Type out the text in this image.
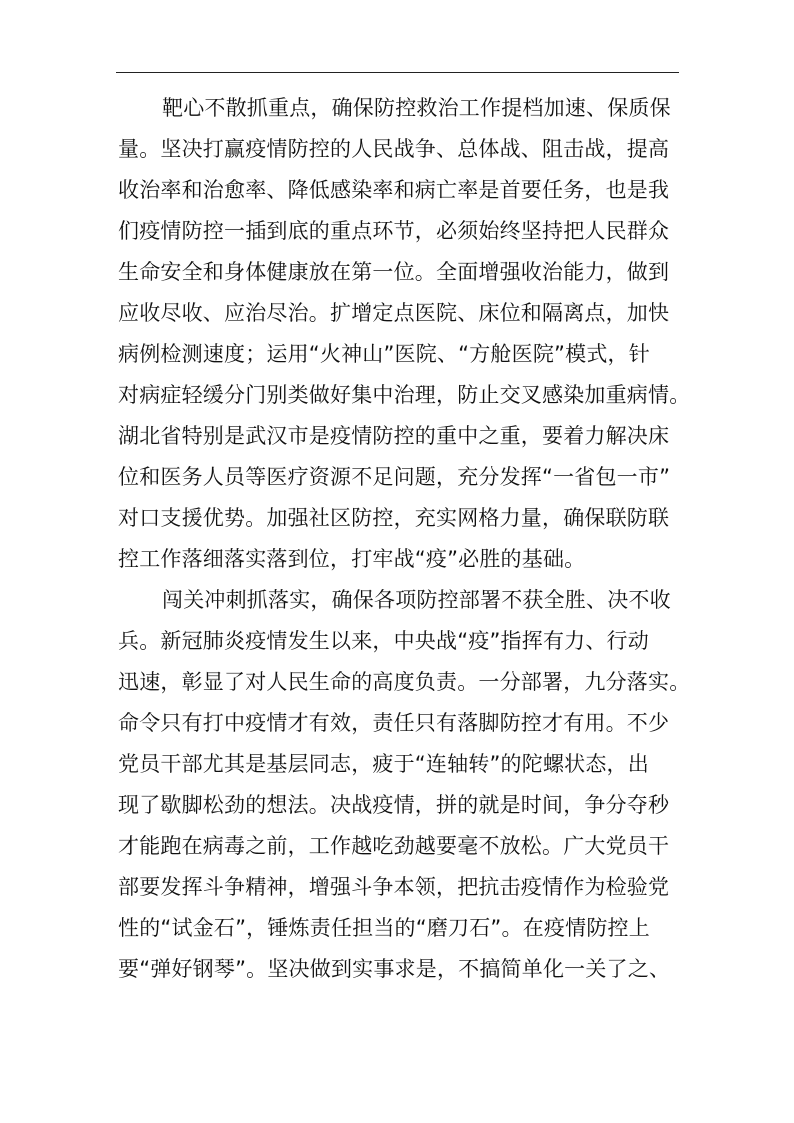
靶心不散抓重点，确保防控救治工作提档加速、保质保
量。坚决打赢疫情防控的人民战争、总体战、阻击战，提高
收治率和治愈率、降低感染率和病亡率是首要任务，也是我
们疫情防控一插到底的重点环节，必须始终坚持把人民群众
生命安全和身体健康放在第一位。全面增强收治能力，做到
应收尽收、应治尽治。扩增定点医院、床位和隔离点，加快
病例检测速度；运用“火神山”医院、“方舱医院”模式，针
对病症轻缓分门别类做好集中治理，防止交叉感染加重病情。
湖北省特别是武汉市是疫情防控的重中之重，要着力解决床
位和医务人员等医疗资源不足问题，充分发挥“一省包一市”
对口支援优势。加强社区防控，充实网格力量，确保联防联
控工作落细落实落到位，打牢战“疫”必胜的基础。
闯关冲刺抓落实，确保各项防控部署不获全胜、决不收
兵。新冠肺炎疫情发生以来，中央战“疫”指挥有力、行动
迅速，彰显了对人民生命的高度负责。一分部署，九分落实。
命令只有打中疫情才有效，责任只有落脚防控才有用。不少
党员干部尤其是基层同志，疲于“连轴转”的陀螺状态，出
现了歇脚松劲的想法。决战疫情，拼的就是时间，争分夺秒
才能跑在病毒之前，工作越吃劲越要毫不放松。广大党员干
部要发挥斗争精神，增强斗争本领，把抗击疫情作为检验党
性的“试金石”，锤炼责任担当的“磨刀石”。在疫情防控上
要“弹好钢琴”。坚决做到实事求是，不搞简单化一关了之、
